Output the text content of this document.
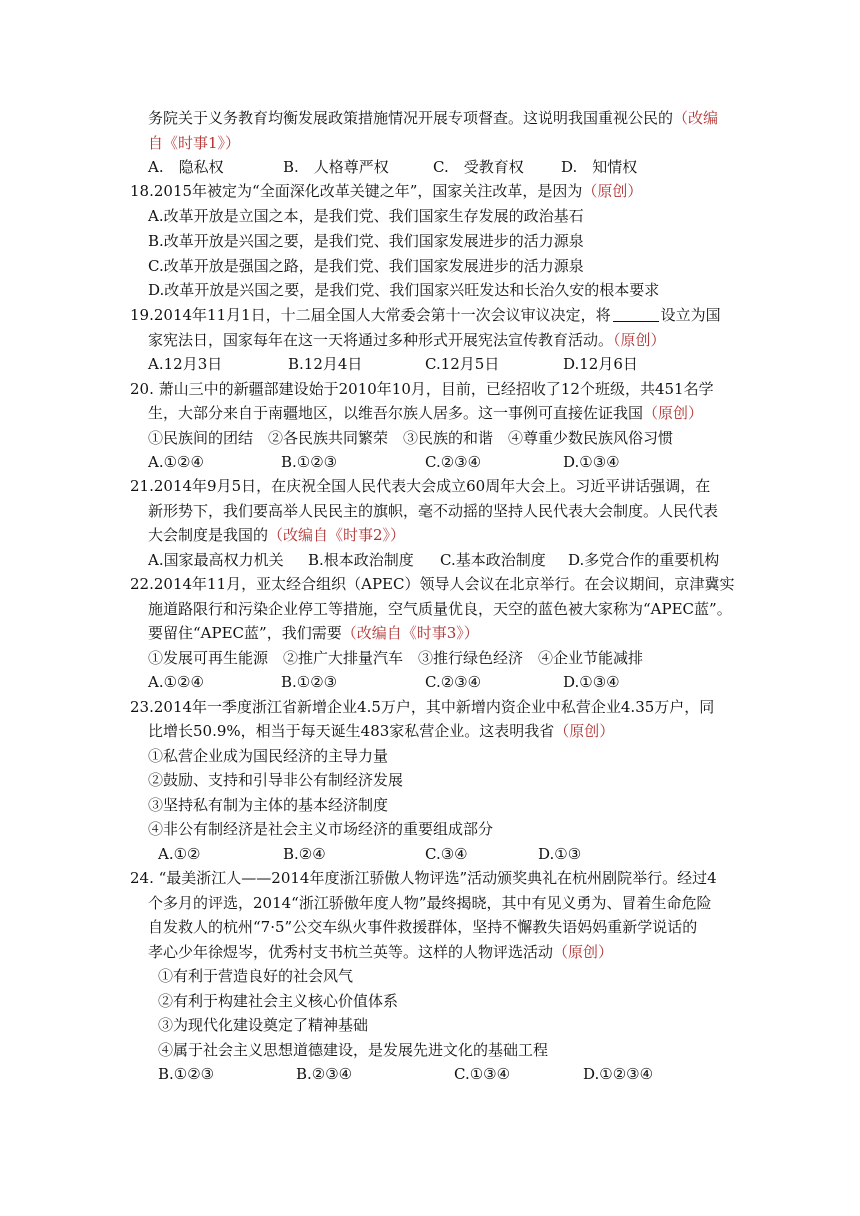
务院关于义务教育均衡发展政策措施情况开展专项督查。这说明我国重视公民的（改编
自《时事1》）
A.　隐私权	B.　人格尊严权	C.　受教育权 D.　知情权
18.2015年被定为“全面深化改革关键之年”，国家关注改革，是因为（原创）
A.改革开放是立国之本，是我们党、我们国家生存发展的政治基石
B.改革开放是兴国之要，是我们党、我们国家发展进步的活力源泉
C.改革开放是强国之路，是我们党、我们国家发展进步的活力源泉
D.改革开放是兴国之要，是我们党、我们国家兴旺发达和长治久安的根本要求
19.2014年11月1日，十二届全国人大常委会第十一次会议审议决定，将	设立为国
家宪法日，国家每年在这一天将通过多种形式开展宪法宣传教育活动。（原创）
A.12月3日	B.12月4日	C.12月5日	D.12月6日
20. 萧山三中的新疆部建设始于2010年10月，目前，已经招收了12个班级，共451名学
生，大部分来自于南疆地区，以维吾尔族人居多。这一事例可直接佐证我国（原创）
①民族间的团结　②各民族共同繁荣　③民族的和谐　④尊重少数民族风俗习惯
A.①②④	B.①②③	C.②③④	D.①③④
21.2014年9月5日，在庆祝全国人民代表大会成立60周年大会上。习近平讲话强调，在
新形势下，我们要高举人民民主的旗帜，毫不动摇的坚持人民代表大会制度。人民代表
大会制度是我国的（改编自《时事2》）
A.国家最高权力机关 B.根本政治制度 C.基本政治制度 D.多党合作的重要机构
22.2014年11月，亚太经合组织（APEC）领导人会议在北京举行。在会议期间，京津冀实
施道路限行和污染企业停工等措施，空气质量优良，天空的蓝色被大家称为“APEC蓝”。
要留住“APEC蓝”，我们需要（改编自《时事3》）
①发展可再生能源　②推广大排量汽车　③推行绿色经济　④企业节能减排
A.①②④	B.①②③	C.②③④	D.①③④
23.2014年一季度浙江省新增企业4.5万户，其中新增内资企业中私营企业4.35万户，同
比增长50.9%，相当于每天诞生483家私营企业。这表明我省（原创）
①私营企业成为国民经济的主导力量
②鼓励、支持和引导非公有制经济发展
③坚持私有制为主体的基本经济制度
④非公有制经济是社会主义市场经济的重要组成部分
A.①②	B.②④	C.③④	D.①③
24. “最美浙江人——2014年度浙江骄傲人物评选”活动颁奖典礼在杭州剧院举行。经过4
个多月的评选，2014“浙江骄傲年度人物”最终揭晓，其中有见义勇为、冒着生命危险
自发救人的杭州“7·5”公交车纵火事件救援群体，坚持不懈教失语妈妈重新学说话的
孝心少年徐煜岑，优秀村支书杭兰英等。这样的人物评选活动（原创）
①有利于营造良好的社会风气
②有利于构建社会主义核心价值体系
③为现代化建设奠定了精神基础
④属于社会主义思想道德建设，是发展先进文化的基础工程
B.①②③	B.②③④	C.①③④	D.①②③④
